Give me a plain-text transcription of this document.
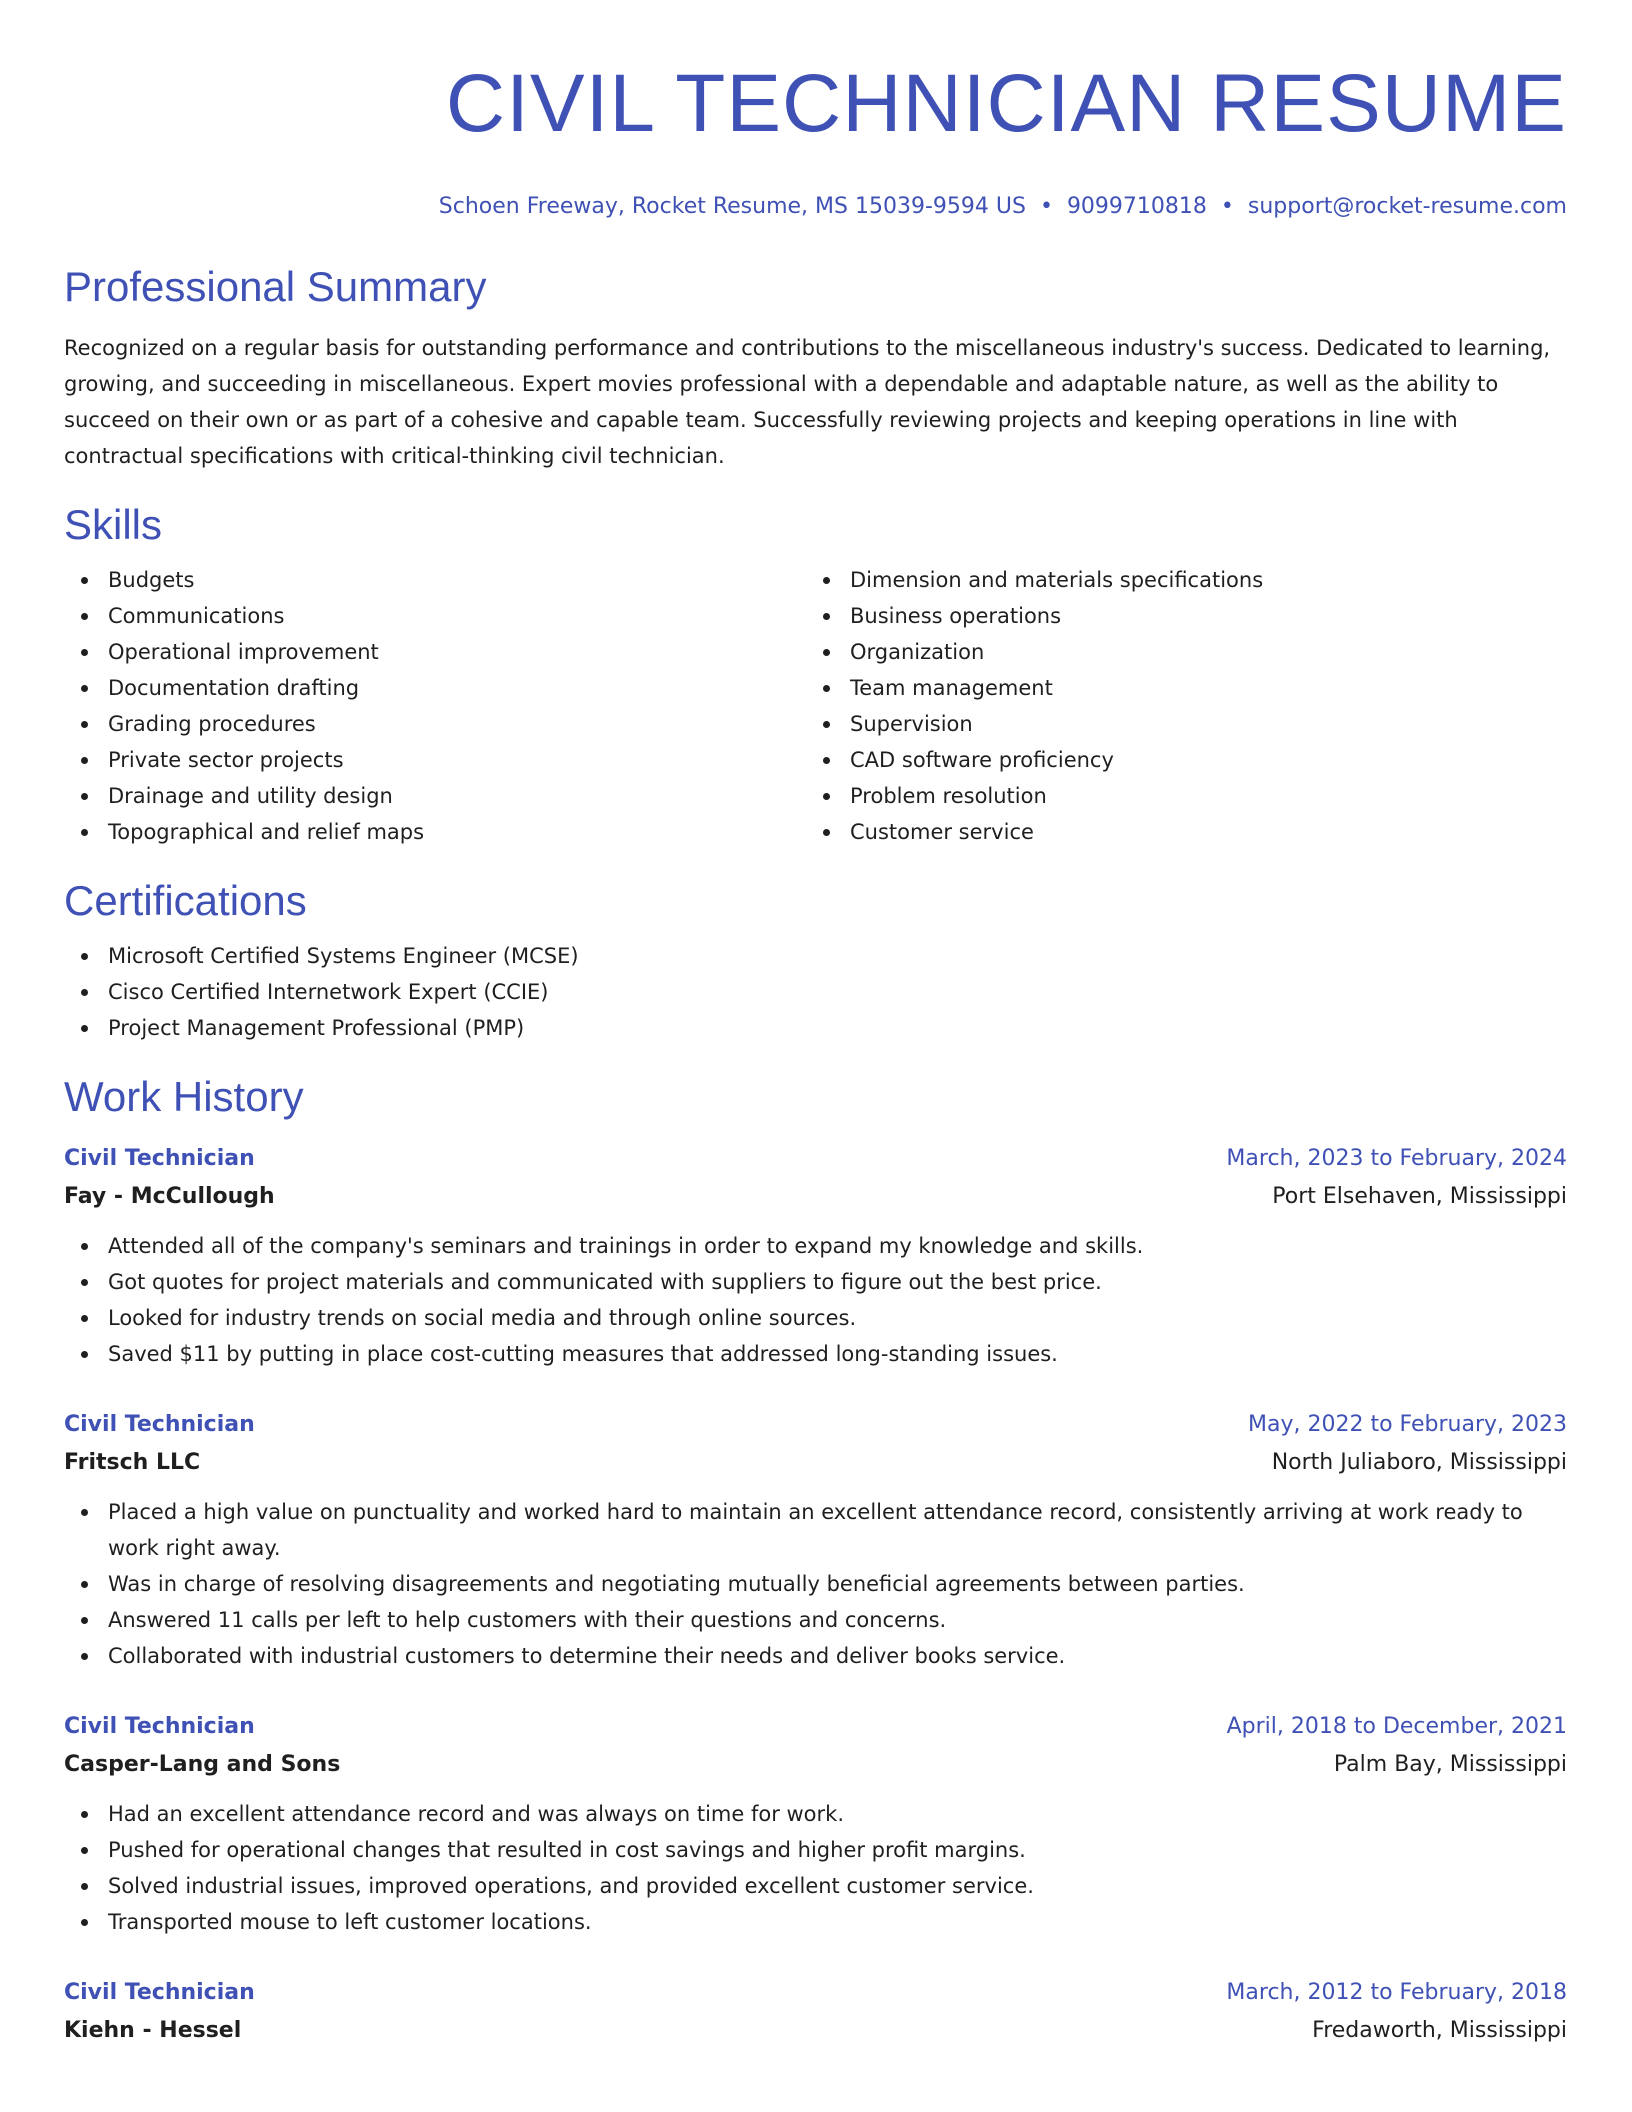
CIVIL TECHNICIAN RESUME
Schoen Freeway, Rocket Resume, MS 15039-9594 US • 9099710818 • support@rocket-resume.com
Professional Summary

Recognized on a regular basis for outstanding performance and contributions to the miscellaneous industry's success. Dedicated to learning, growing, and succeeding in miscellaneous. Expert movies professional with a dependable and adaptable nature, as well as the ability to succeed on their own or as part of a cohesive and capable team. Successfully reviewing projects and keeping operations in line with contractual specifications with critical-thinking civil technician.

Skills
Budgets
Communications
Operational improvement
Documentation drafting
Grading procedures
Private sector projects
Drainage and utility design
Topographical and relief maps
Dimension and materials specifications
Business operations
Organization
Team management
Supervision
CAD software proficiency
Problem resolution
Customer service
Certifications
Microsoft Certified Systems Engineer (MCSE)
Cisco Certified Internetwork Expert (CCIE)
Project Management Professional (PMP)
Work History
Civil Technician	March, 2023 to February, 2024
Fay - McCullough	Port Elsehaven, Mississippi
Attended all of the company's seminars and trainings in order to expand my knowledge and skills.
Got quotes for project materials and communicated with suppliers to figure out the best price.
Looked for industry trends on social media and through online sources.
Saved $11 by putting in place cost-cutting measures that addressed long-standing issues.
Civil Technician	May, 2022 to February, 2023
Fritsch LLC	North Juliaboro, Mississippi
Placed a high value on punctuality and worked hard to maintain an excellent attendance record, consistently arriving at work ready to work right away.
Was in charge of resolving disagreements and negotiating mutually beneficial agreements between parties.
Answered 11 calls per left to help customers with their questions and concerns.
Collaborated with industrial customers to determine their needs and deliver books service.
Civil Technician	April, 2018 to December, 2021
Casper-Lang and Sons	Palm Bay, Mississippi
Had an excellent attendance record and was always on time for work.
Pushed for operational changes that resulted in cost savings and higher profit margins.
Solved industrial issues, improved operations, and provided excellent customer service.
Transported mouse to left customer locations.
Civil Technician	March, 2012 to February, 2018
Kiehn - Hessel	Fredaworth, Mississippi
